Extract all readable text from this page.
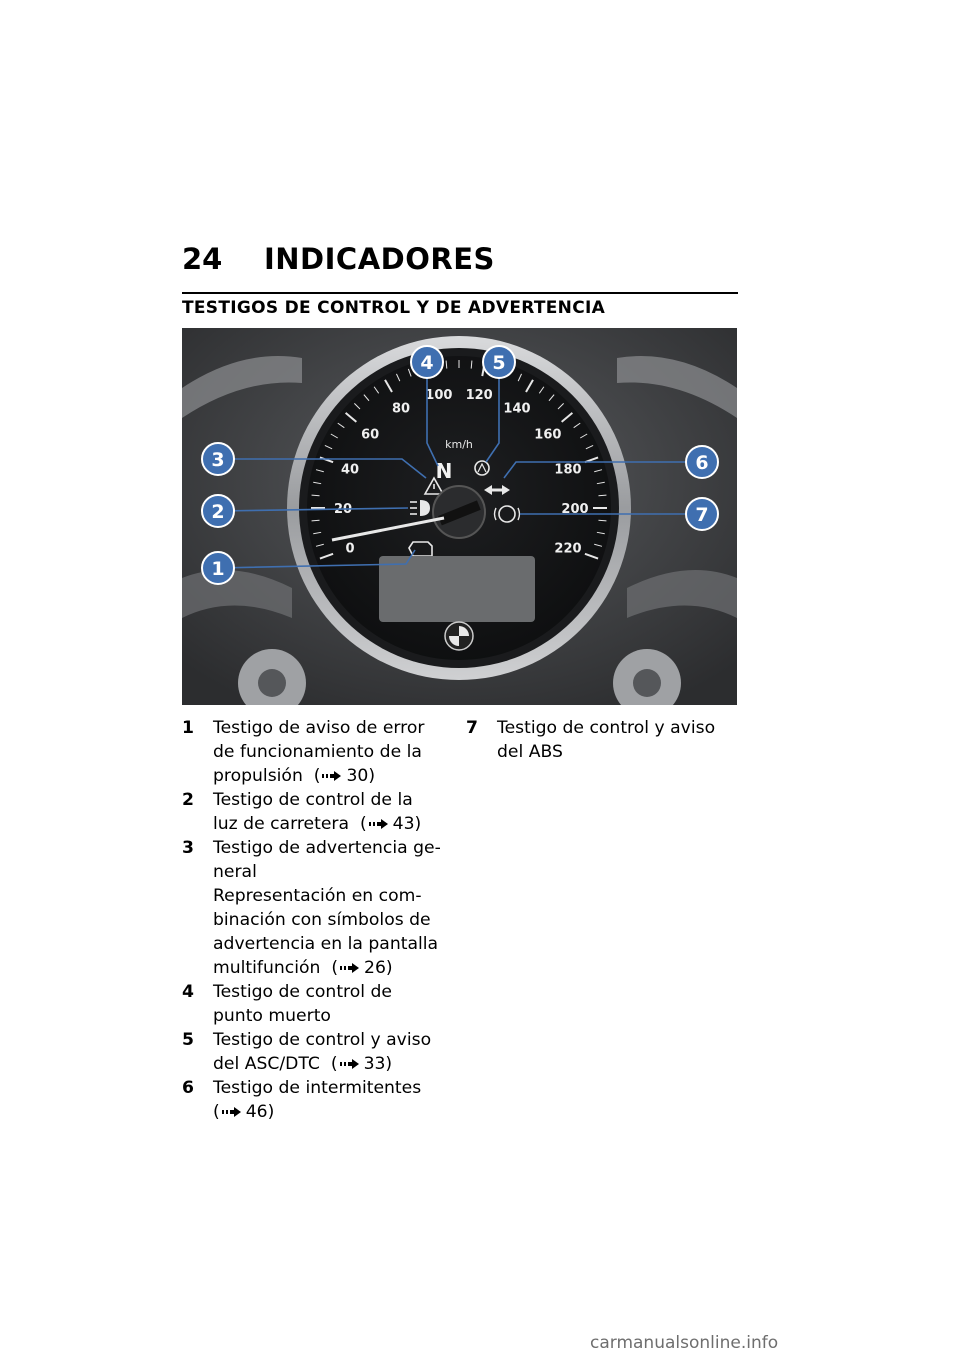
24	INDICADORES
TESTIGOS DE CONTROL Y DE ADVERTENCIA
0
20
40
60
80
100 120
140
160
180
200
220
km/h
N
1
2
3
4	5
6
7
1	Testigo de aviso de error
de funcionamiento de la
propulsión  ( 30)
2	Testigo de control de la
luz de carretera  ( 43)
3	Testigo de advertencia ge-
neral
Representación en com-
binación con símbolos de
advertencia en la pantalla
multifunción  ( 26)
4	Testigo de control de
punto muerto
5	Testigo de control y aviso
del ASC/DTC  ( 33)
6	Testigo de intermitentes
( 46)
7	Testigo de control y aviso
del ABS
carmanualsonline.info
